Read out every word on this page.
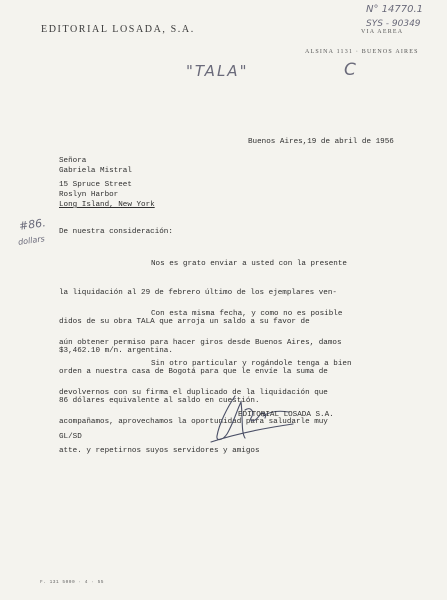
EDITORIAL LOSADA, S.A.	VIA AEREA
ALSINA 1131 · BUENOS AIRES
N° 14770.1
SYS - 90349
"TALA"	C
#86.
dollars
Buenos Aires,19 de abril de 1956
Señora
Gabriela Mistral
15 Spruce Street
Roslyn Harbor
Long Island, New York
De nuestra consideración:

Nos es grato enviar a usted con la presente

la liquidación al 29 de febrero último de los ejemplares ven-

didos de su obra TALA que arroja un saldo a su favor de

$3,462.10 m/n. argentina.

Con esta misma fecha, y como no es posible

aún obtener permiso para hacer giros desde Buenos Aires, damos

orden a nuestra casa de Bogotá para que le envíe la suma de

86 dólares equivalente al saldo en cuestión.

Sin otro particular y rogándole tenga a bien

devolvernos con su firma el duplicado de la liquidación que

acompañamos, aprovechamos la oportunidad para saludarle muy

atte. y repetirnos suyos servidores y amigos

EDITORIAL LOSADA S.A.
GL/SD
F. 131 5000 · 4 · 55
